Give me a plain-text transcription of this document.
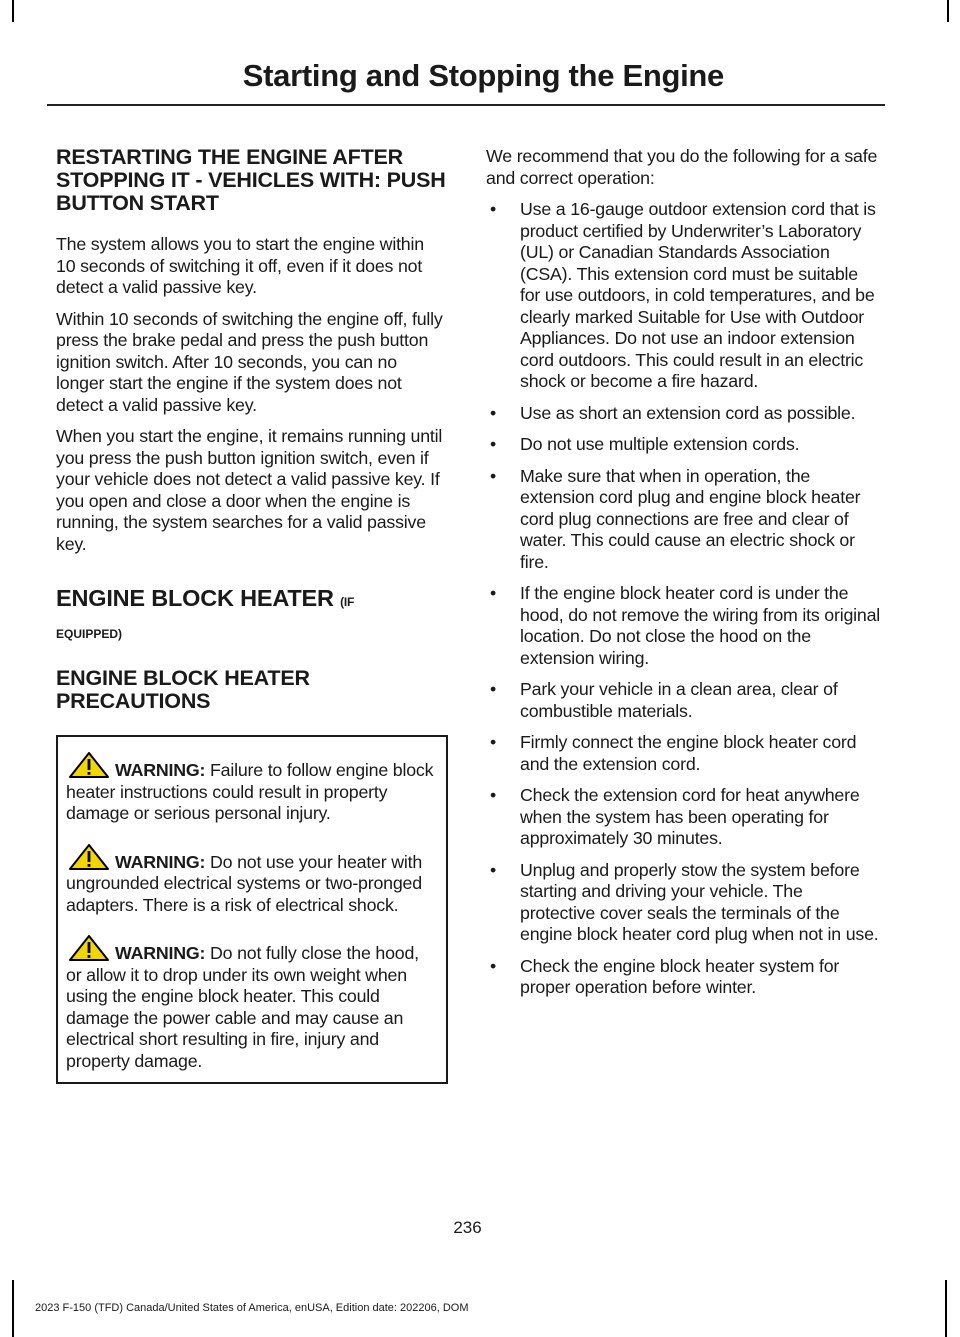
Starting and Stopping the Engine
RESTARTING THE ENGINE AFTER STOPPING IT - VEHICLES WITH: PUSH BUTTON START

The system allows you to start the engine within 10 seconds of switching it off, even if it does not detect a valid passive key.

Within 10 seconds of switching the engine off, fully press the brake pedal and press the push button ignition switch. After 10 seconds, you can no longer start the engine if the system does not detect a valid passive key.

When you start the engine, it remains running until you press the push button ignition switch, even if your vehicle does not detect a valid passive key. If you open and close a door when the engine is running, the system searches for a valid passive key.

ENGINE BLOCK HEATER (IF
EQUIPPED)
ENGINE BLOCK HEATER PRECAUTIONS

WARNING: Failure to follow engine block heater instructions could result in property damage or serious personal injury.

WARNING: Do not use your heater with ungrounded electrical systems or two-pronged adapters. There is a risk of electrical shock.

WARNING: Do not fully close the hood, or allow it to drop under its own weight when using the engine block heater. This could damage the power cable and may cause an electrical short resulting in fire, injury and property damage.

We recommend that you do the following for a safe and correct operation:

• Use a 16-gauge outdoor extension cord that is product certified by Underwriter’s Laboratory (UL) or Canadian Standards Association (CSA). This extension cord must be suitable for use outdoors, in cold temperatures, and be clearly marked Suitable for Use with Outdoor Appliances. Do not use an indoor extension cord outdoors. This could result in an electric shock or become a fire hazard.
• Use as short an extension cord as possible.
• Do not use multiple extension cords.
• Make sure that when in operation, the extension cord plug and engine block heater cord plug connections are free and clear of water. This could cause an electric shock or fire.
• If the engine block heater cord is under the hood, do not remove the wiring from its original location. Do not close the hood on the extension wiring.
• Park your vehicle in a clean area, clear of combustible materials.
• Firmly connect the engine block heater cord and the extension cord.
• Check the extension cord for heat anywhere when the system has been operating for approximately 30 minutes.
• Unplug and properly stow the system before starting and driving your vehicle. The protective cover seals the terminals of the engine block heater cord plug when not in use.
• Check the engine block heater system for proper operation before winter.

236

2023 F-150 (TFD) Canada/United States of America, enUSA, Edition date: 202206, DOM
